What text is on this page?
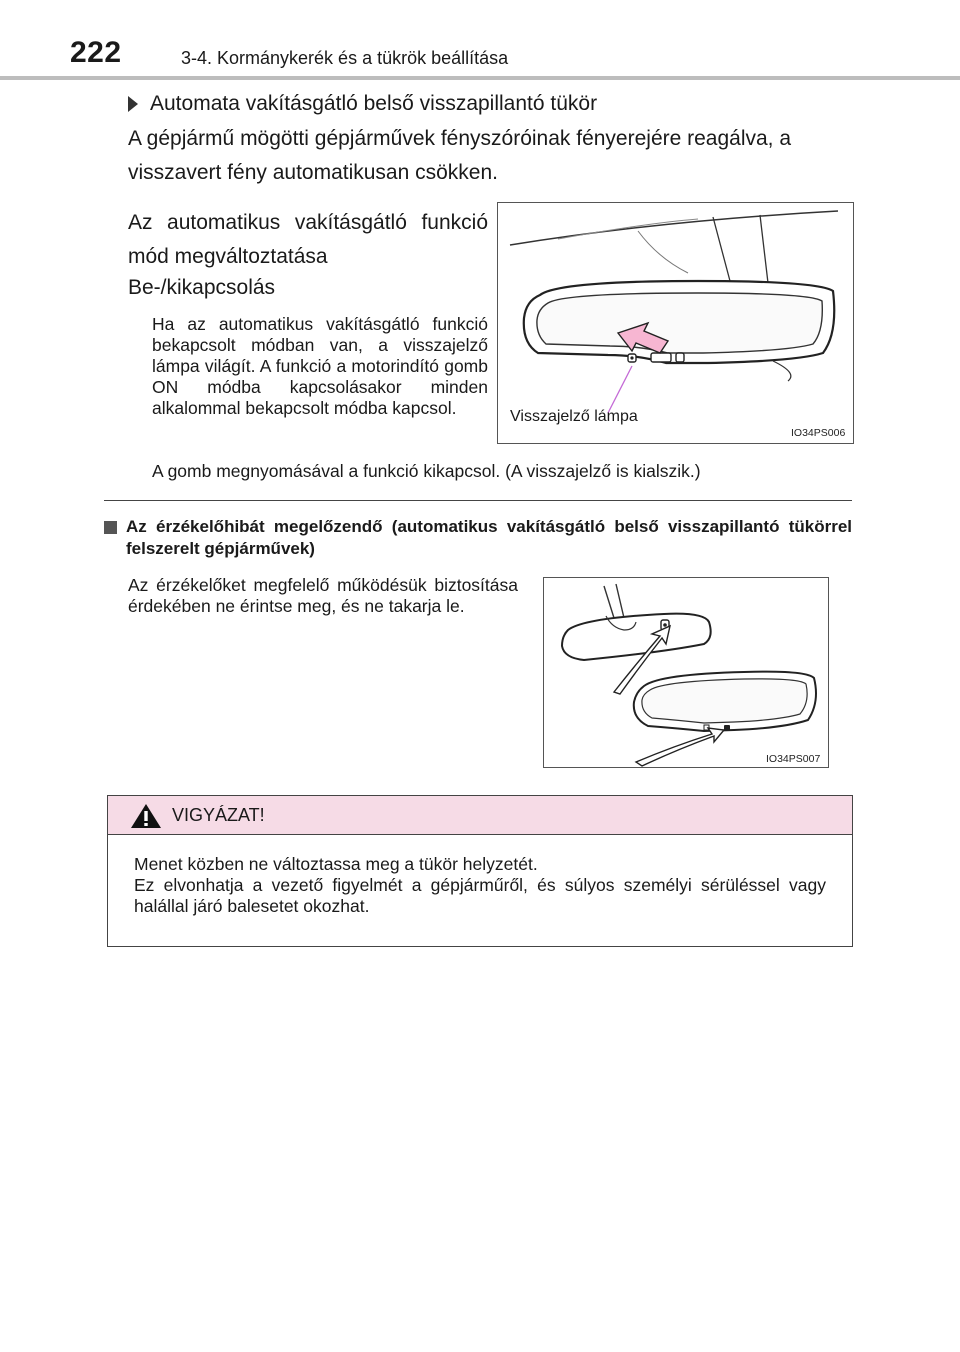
222	3-4. Kormánykerék és a tükrök beállítása
Automata vakításgátló belső visszapillantó tükör
A gépjármű mögötti gépjárművek fényszóróinak fényerejére reagálva, a visszavert fény automatikusan csökken.
Az automatikus vakításgátló funkció mód megváltoztatása
Be-/kikapcsolás
Ha az automatikus vakításgátló funkció bekapcsolt módban van, a visszajelző lámpa világít. A funkció a motorindító gomb ON módba kapcsolásakor minden alkalommal bekapcsolt módba kapcsol.
A gomb megnyomásával a funkció kikapcsol. (A visszajelző is kialszik.)
Visszajelző lámpa
IO34PS006
Az érzékelőhibát megelőzendő (automatikus vakításgátló belső visszapillantó tükörrel felszerelt gépjárművek)
Az érzékelőket megfelelő működésük biztosítása érdekében ne érintse meg, és ne takarja le.
IO34PS007
VIGYÁZAT!
Menet közben ne változtassa meg a tükör helyzetét.
Ez elvonhatja a vezető figyelmét a gépjárműről, és súlyos személyi sérüléssel vagy halállal járó balesetet okozhat.
